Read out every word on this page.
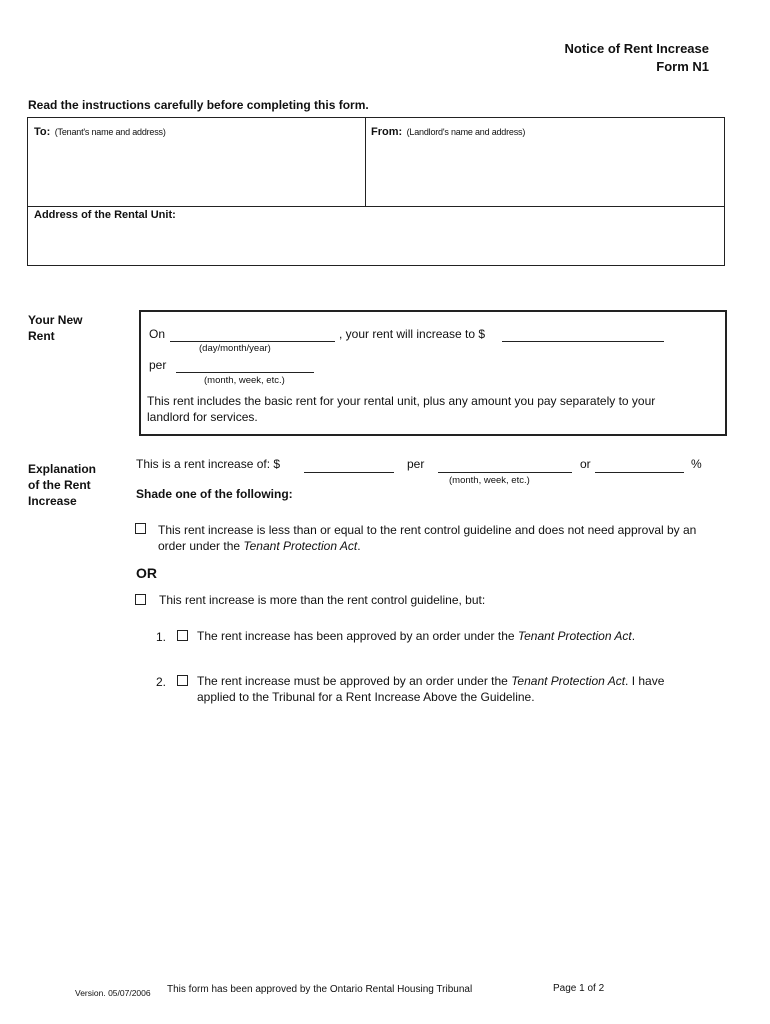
Notice of Rent Increase
Form N1
Read the instructions carefully before completing this form.
To: (Tenant's name and address)	From: (Landlord's name and address)
Address of the Rental Unit:
Your New
Rent	On	, your rent will increase to $
(day/month/year)
per
(month, week, etc.)
This rent includes the basic rent for your rental unit, plus any amount you pay separately to your
landlord for services.
Explanation
of the Rent
Increase
This is a rent increase of: $	per	or	%
(month, week, etc.)
Shade one of the following:
This rent increase is less than or equal to the rent control guideline and does not need approval by an
order under the Tenant Protection Act.
OR
This rent increase is more than the rent control guideline, but:
1.	The rent increase has been approved by an order under the Tenant Protection Act.
2.	The rent increase must be approved by an order under the Tenant Protection Act. I have
applied to the Tribunal for a Rent Increase Above the Guideline.
Version. 05/07/2006 This form has been approved by the Ontario Rental Housing Tribunal	Page 1 of 2
